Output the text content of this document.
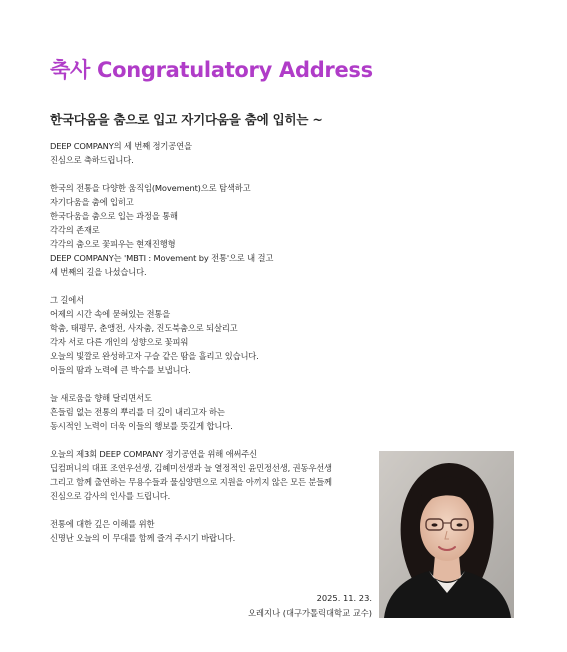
축사 Congratulatory Address
한국다움을 춤으로 입고 자기다움을 춤에 입히는 ~
DEEP COMPANY의 세 번째 정기공연을
진심으로 축하드립니다.
한국의 전통을 다양한 움직임(Movement)으로 탐색하고
자기다움을 춤에 입히고
한국다움을 춤으로 입는 과정을 통해
각각의 존재로
각각의 춤으로 꽃피우는 현재진행형
DEEP COMPANY는 'MBTI : Movement by 전통'으로 내 걸고
세 번째의 길을 나섰습니다.
그 길에서
어제의 시간 속에 묻혀있는 전통을
학춤, 태평무, 춘앵전, 사자춤, 진도북춤으로 되살리고
각자 서로 다른 개인의 성향으로 꽃피워
오늘의 빛깔로 완성하고자 구슬 같은 땀을 흘리고 있습니다.
이들의 땀과 노력에 큰 박수를 보냅니다.
늘 새로움을 향해 달리면서도
흔들림 없는 전통의 뿌리를 더 깊이 내리고자 하는
동시적인 노력이 더욱 이들의 행보를 뜻깊게 합니다.
오늘의 제3회 DEEP COMPANY 정기공연을 위해 애써주신
딥컴퍼니의 대표 조연우선생, 김혜미선생과 늘 열정적인 윤민정선생, 권동우선생
그리고 함께 출연하는 무용수들과 물심양면으로 지원을 아끼지 않은 모든 분들께
진심으로 감사의 인사를 드립니다.
전통에 대한 깊은 이해를 위한
신명난 오늘의 이 무대를 함께 즐겨 주시기 바랍니다.
2025. 11. 23.
오레지나 (대구가톨릭대학교 교수)
